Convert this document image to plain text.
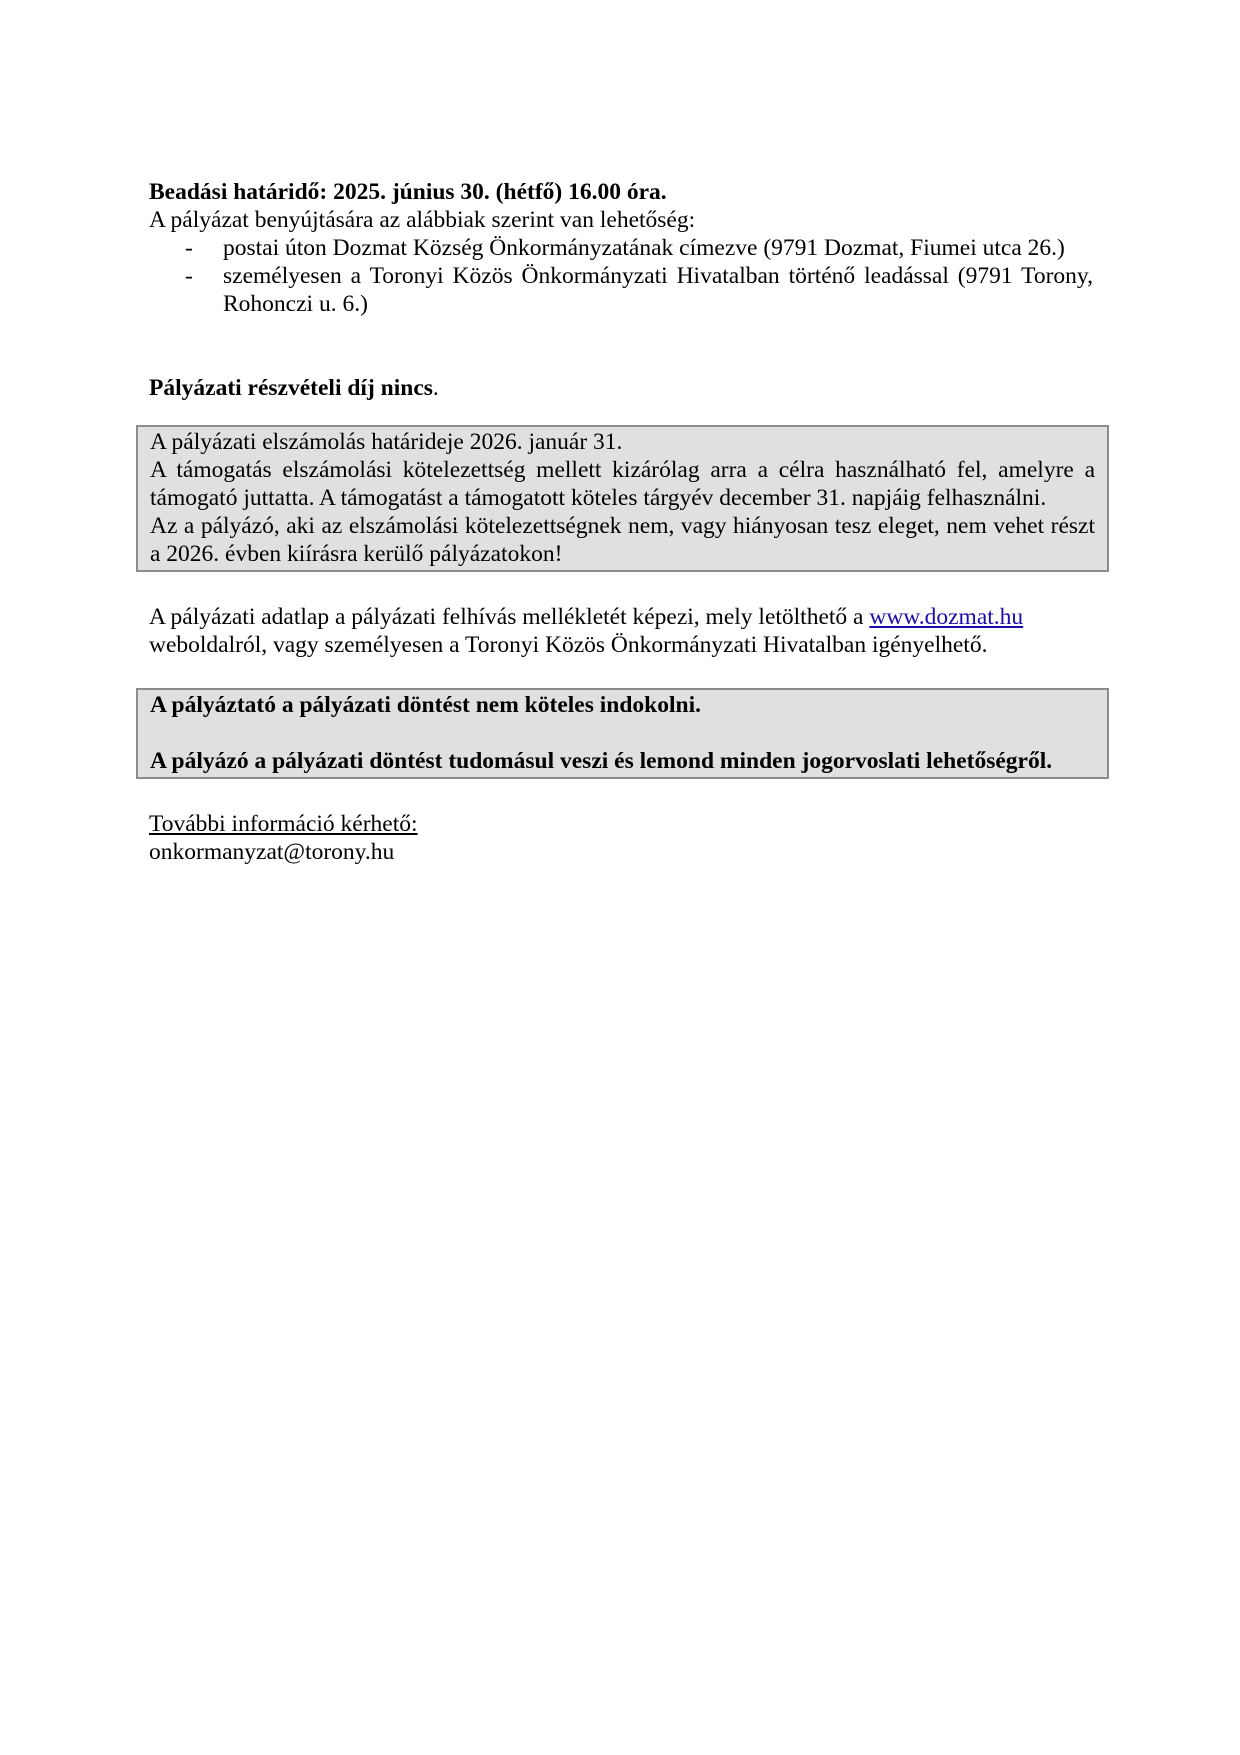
Beadási határidő: 2025. június 30. (hétfő) 16.00 óra.

A pályázat benyújtására az alábbiak szerint van lehetőség:

- postai úton Dozmat Község Önkormányzatának címezve (9791 Dozmat, Fiumei utca 26.)
- személyesen a Toronyi Közös Önkormányzati Hivatalban történő leadással (9791 Torony, Rohonczi u. 6.)

Pályázati részvételi díj nincs.

A pályázati elszámolás határideje 2026. január 31.

A támogatás elszámolási kötelezettség mellett kizárólag arra a célra használható fel, amelyre a támogató juttatta. A támogatást a támogatott köteles tárgyév december 31. napjáig felhasználni.

Az a pályázó, aki az elszámolási kötelezettségnek nem, vagy hiányosan tesz eleget, nem vehet részt a 2026. évben kiírásra kerülő pályázatokon!

A pályázati adatlap a pályázati felhívás mellékletét képezi, mely letölthető a www.dozmat.hu weboldalról, vagy személyesen a Toronyi Közös Önkormányzati Hivatalban igényelhető.

A pályáztató a pályázati döntést nem köteles indokolni.

A pályázó a pályázati döntést tudomásul veszi és lemond minden jogorvoslati lehetőségről.

További információ kérhető:

onkormanyzat@torony.hu
